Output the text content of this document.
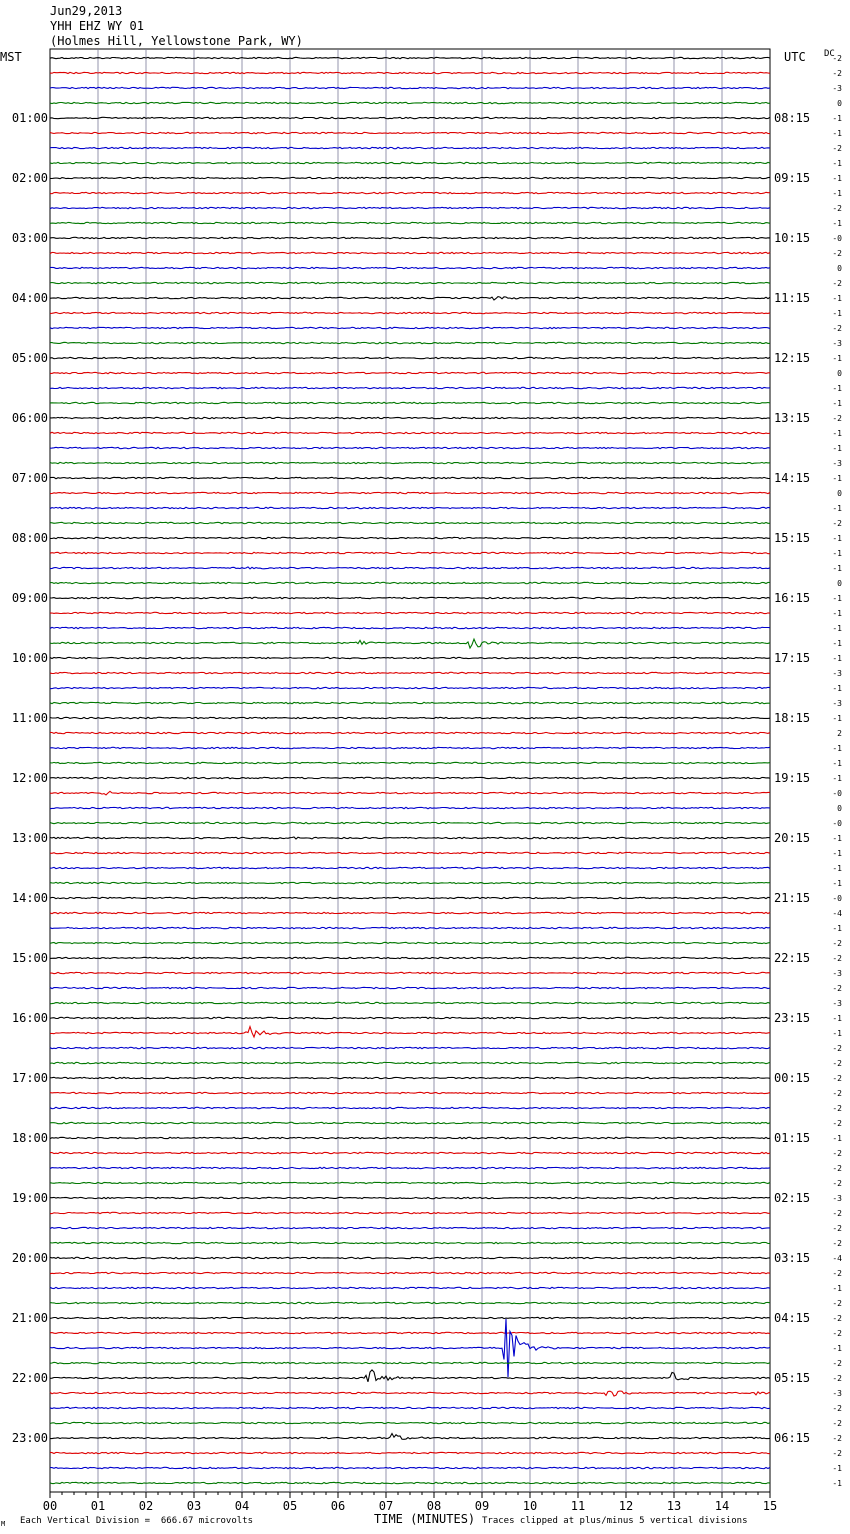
Jun29,2013
YHH EHZ WY 01
(Holmes Hill, Yellowstone Park, WY)
MST	UTC DC
-2
-2
-3
0
-1
-1
-2
-1
-1
-1
-2
-1
-0
-2
0
-2
-1
-1
-2
-3
-1
0
-1
-1
-2
-1
-1
-3
-1
0
-1
-2
-1
-1
-1
0
-1
-1
-1
-1
-1
-3
-1
-3
-1
2
-1
-1
-1
-0
0
-0
-1
-1
-1
-1
-0
-4
-1
-2
-2
-3
-2
-3
-1
-1
-2
-2
-2
-2
-2
-2
-1
-2
-2
-2
-3
-2
-2
-2
-4
-2
-1
-2
-2
-2
-1
-2
-2
-3
-2
-2
-2
-2
-1
-1
01:00
02:00
03:00
04:00
05:00
06:00
07:00
08:00
09:00
10:00
11:00
12:00
13:00
14:00
15:00
16:00
17:00
18:00
19:00
20:00
21:00
22:00
23:00
08:15
09:15
10:15
11:15
12:15
13:15
14:15
15:15
16:15
17:15
18:15
19:15
20:15
21:15
22:15
23:15
00:15
01:15
02:15
03:15
04:15
05:15
06:15
00	01	02	03	04	05	06	07	08	09	10	11	12	13	14	15
TIME (MINUTES)
Each Vertical Division =  666.67 microvolts	Traces clipped at plus/minus 5 vertical divisions
M
